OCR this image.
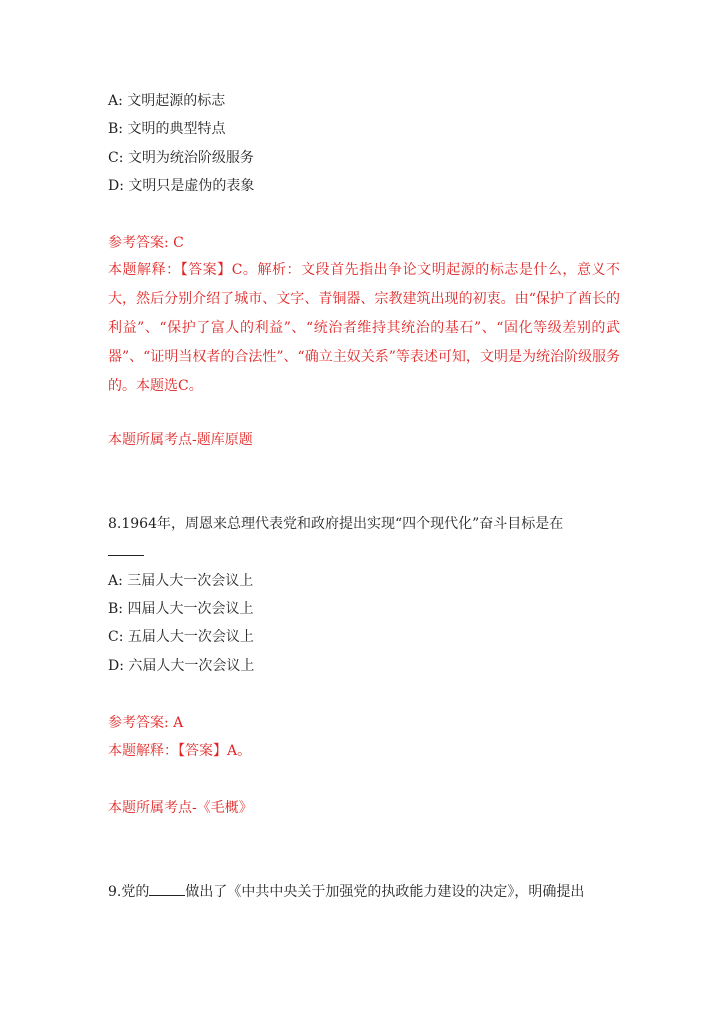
A: 文明起源的标志
B: 文明的典型特点
C: 文明为统治阶级服务
D: 文明只是虚伪的表象
参考答案: C
本题解释：【答案】C。解析：文段首先指出争论文明起源的标志是什么，意义不大，然后分别介绍了城市、文字、青铜器、宗教建筑出现的初衷。由“保护了酋长的利益”、“保护了富人的利益”、“统治者维持其统治的基石”、“固化等级差别的武器”、“证明当权者的合法性”、“确立主奴关系”等表述可知，文明是为统治阶级服务的。本题选C。
本题所属考点-题库原题
8.1964年，周恩来总理代表党和政府提出实现“四个现代化”奋斗目标是在
A: 三届人大一次会议上
B: 四届人大一次会议上
C: 五届人大一次会议上
D: 六届人大一次会议上
参考答案: A
本题解释：【答案】A。
本题所属考点-《毛概》
9.党的	做出了《中共中央关于加强党的执政能力建设的决定》，明确提出
